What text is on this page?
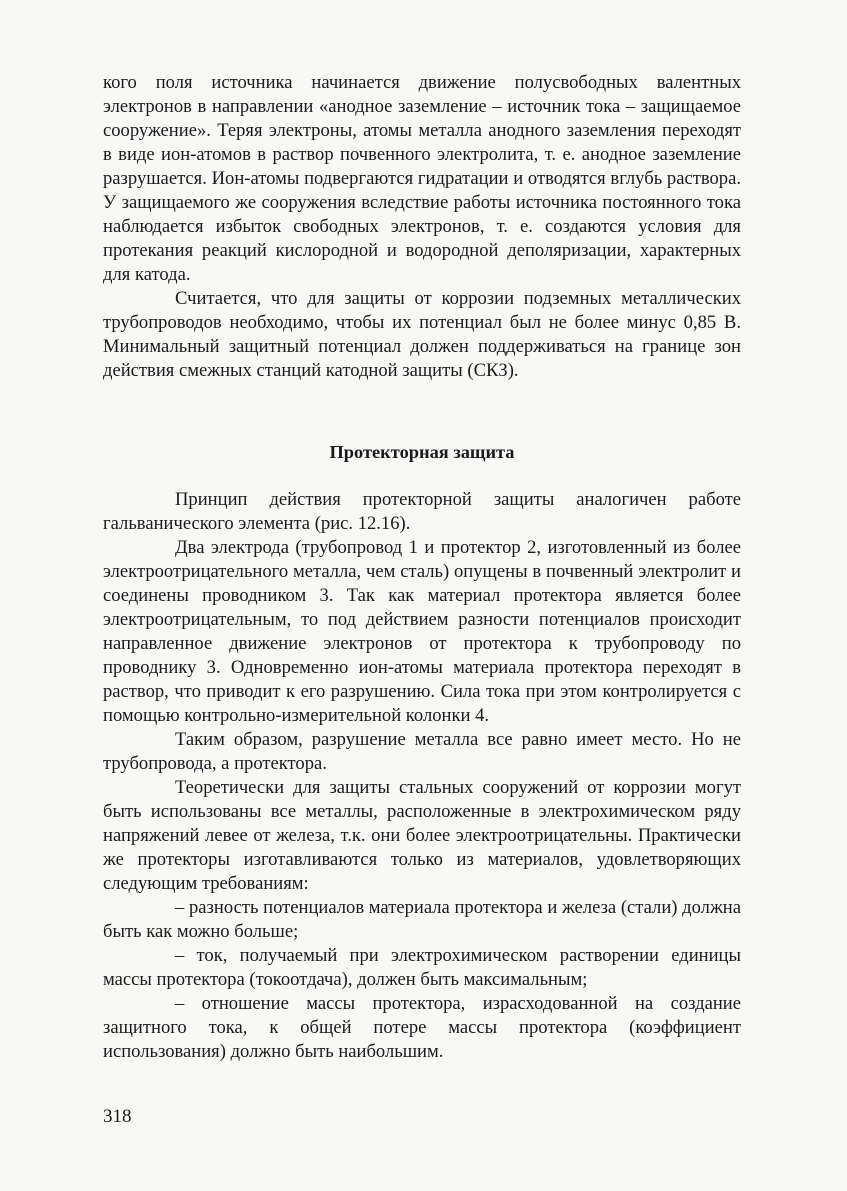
кого поля источника начинается движение полусвободных валентных электронов в направлении «анодное заземление – источник тока – защищаемое сооружение». Теряя электроны, атомы металла анодного заземления переходят в виде ион-атомов в раствор почвенного электролита, т. е. анодное заземление разрушается. Ион-атомы подвергаются гидратации и отводятся вглубь раствора. У защищаемого же сооружения вследствие работы источника постоянного тока наблюдается избыток свободных электронов, т. е. создаются условия для протекания реакций кислородной и водородной деполяризации, характерных для катода.

Считается, что для защиты от коррозии подземных металлических трубопроводов необходимо, чтобы их потенциал был не более минус 0,85 В. Минимальный защитный потенциал должен поддерживаться на границе зон действия смежных станций катодной защиты (СКЗ).

Протекторная защита

Принцип действия протекторной защиты аналогичен работе гальванического элемента (рис. 12.16).

Два электрода (трубопровод 1 и протектор 2, изготовленный из более электроотрицательного металла, чем сталь) опущены в почвенный электролит и соединены проводником 3. Так как материал протектора является более электроотрицательным, то под действием разности потенциалов происходит направленное движение электронов от протектора к трубопроводу по проводнику 3. Одновременно ион-атомы материала протектора переходят в раствор, что приводит к его разрушению. Сила тока при этом контролируется с помощью контрольно-измерительной колонки 4.

Таким образом, разрушение металла все равно имеет место. Но не трубопровода, а протектора.

Теоретически для защиты стальных сооружений от коррозии могут быть использованы все металлы, расположенные в электрохимическом ряду напряжений левее от железа, т.к. они более электроотрицательны. Практически же протекторы изготавливаются только из материалов, удовлетворяющих следующим требованиям:

– разность потенциалов материала протектора и железа (стали) должна быть как можно больше;

– ток, получаемый при электрохимическом растворении единицы массы протектора (токоотдача), должен быть максимальным;

– отношение массы протектора, израсходованной на создание защитного тока, к общей потере массы протектора (коэффициент использования) должно быть наибольшим.

318
